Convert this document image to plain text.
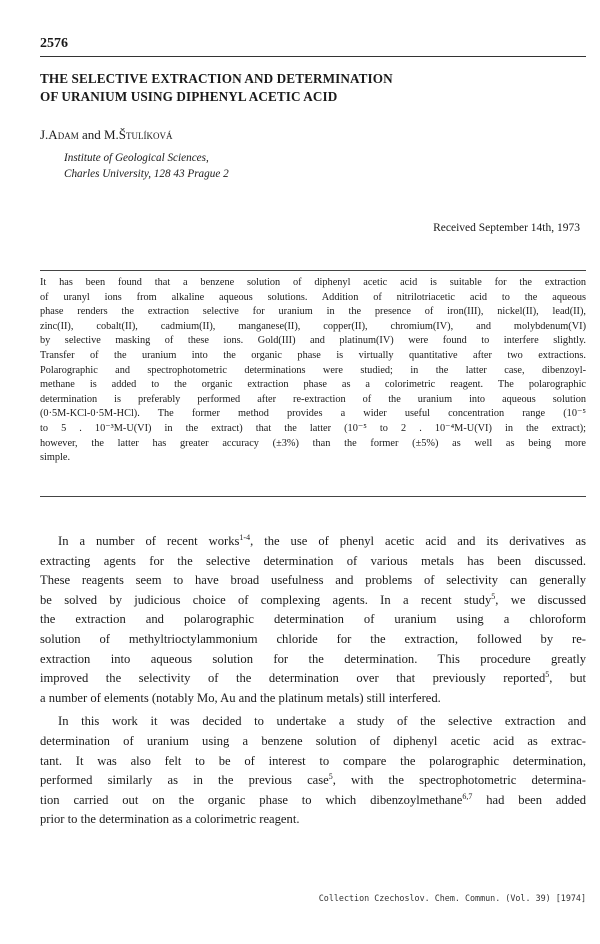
2576
THE SELECTIVE EXTRACTION AND DETERMINATION
OF URANIUM USING DIPHENYL ACETIC ACID
J.Adam and M.Štulíková
Institute of Geological Sciences,
Charles University, 128 43 Prague 2
Received September 14th, 1973
It has been found that a benzene solution of diphenyl acetic acid is suitable for the extraction
of uranyl ions from alkaline aqueous solutions. Addition of nitrilotriacetic acid to the aqueous
phase renders the extraction selective for uranium in the presence of iron(III), nickel(II), lead(II),
zinc(II), cobalt(II), cadmium(II), manganese(II), copper(II), chromium(IV), and molybdenum(VI)
by selective masking of these ions. Gold(III) and platinum(IV) were found to interfere slightly.
Transfer of the uranium into the organic phase is virtually quantitative after two extractions.
Polarographic and spectrophotometric determinations were studied; in the latter case, dibenzoyl-
methane is added to the organic extraction phase as a colorimetric reagent. The polarographic
determination is preferably performed after re-extraction of the uranium into aqueous solution
(0·5M-KCl-0·5M-HCl). The former method provides a wider useful concentration range (10⁻⁵
to 5 . 10⁻³M-U(VI) in the extract) that the latter (10⁻⁵ to 2 . 10⁻⁴M-U(VI) in the extract);
however, the latter has greater accuracy (±3%) than the former (±5%) as well as being more
simple.
In a number of recent works$^{1-4}$, the use of phenyl acetic acid and its derivatives as
extracting agents for the selective determination of various metals has been discussed.
These reagents seem to have broad usefulness and problems of selectivity can generally
be solved by judicious choice of complexing agents. In a recent study$^5$, we discussed
the extraction and polarographic determination of uranium using a chloroform
solution of methyltrioctylammonium chloride for the extraction, followed by re-
extraction into aqueous solution for the determination. This procedure greatly
improved the selectivity of the determination over that previously reported$^5$, but
a number of elements (notably Mo, Au and the platinum metals) still interfered.
In this work it was decided to undertake a study of the selective extraction and
determination of uranium using a benzene solution of diphenyl acetic acid as extrac-
tant. It was also felt to be of interest to compare the polarographic determination,
performed similarly as in the previous case$^5$, with the spectrophotometric determina-
tion carried out on the organic phase to which dibenzoylmethane$^{6,7}$ had been added
prior to the determination as a colorimetric reagent.
Collection Czechoslov. Chem. Commun. (Vol. 39) [1974]
